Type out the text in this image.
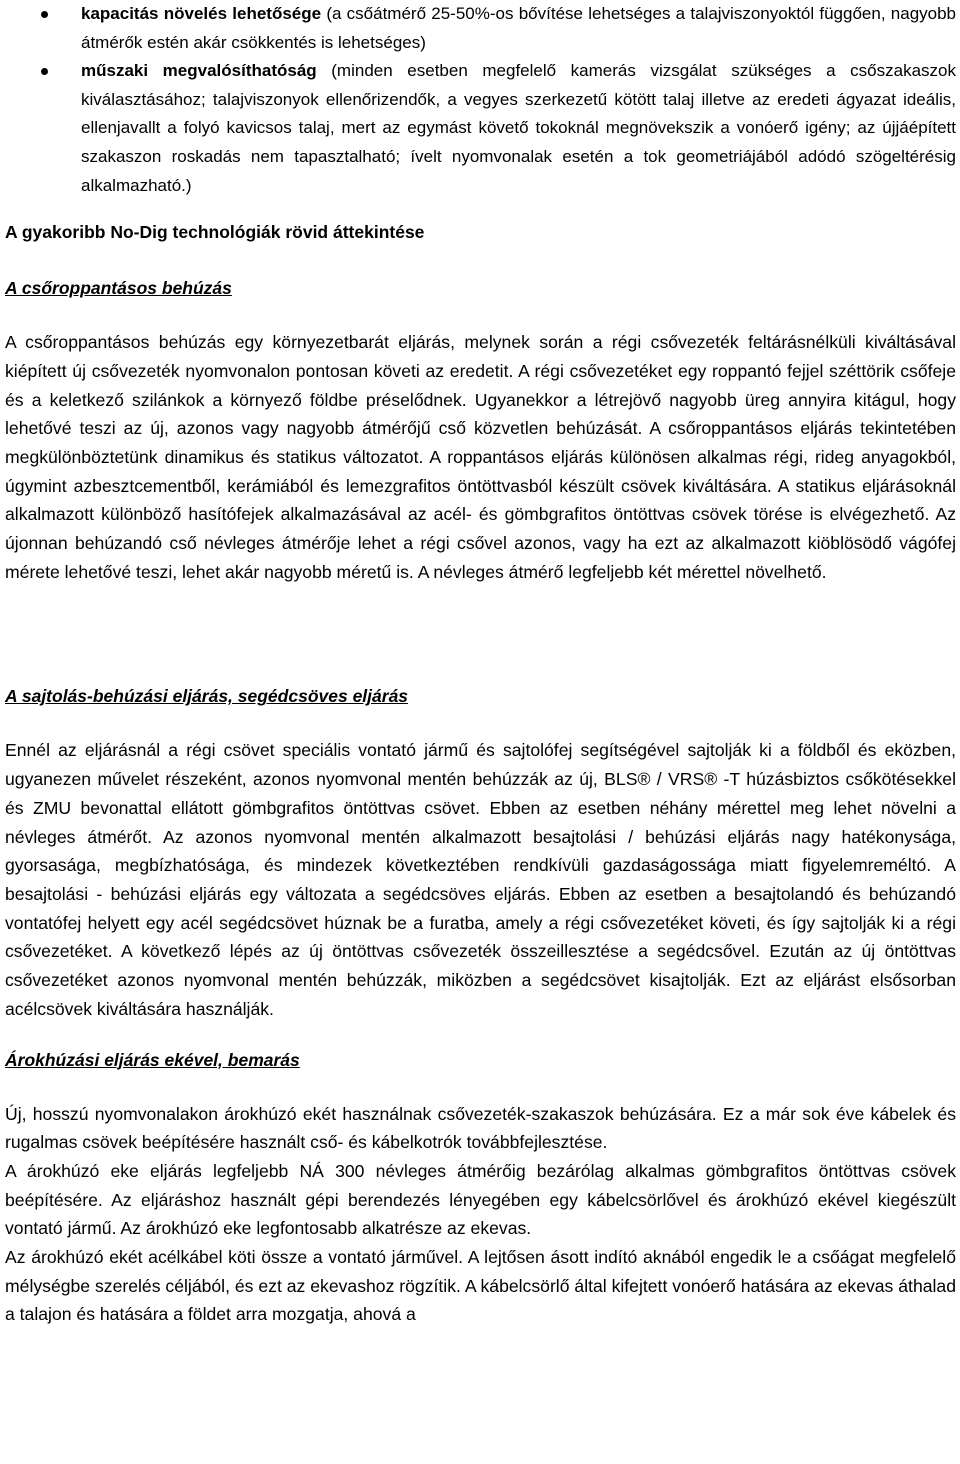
kapacitás növelés lehetősége (a csőátmérő 25-50%-os bővítése lehetséges a talajviszonyoktól függően, nagyobb átmérők estén akár csökkentés is lehetséges)

műszaki megvalósíthatóság (minden esetben megfelelő kamerás vizsgálat szükséges a csőszakaszok kiválasztásához; talajviszonyok ellenőrizendők, a vegyes szerkezetű kötött talaj illetve az eredeti ágyazat ideális, ellenjavallt a folyó kavicsos talaj, mert az egymást követő tokoknál megnövekszik a vonóerő igény; az újjáépített szakaszon roskadás nem tapasztalható; ívelt nyomvonalak esetén a tok geometriájából adódó szögeltérésig alkalmazható.)

A gyakoribb No-Dig technológiák rövid áttekintése
A csőroppantásos behúzás

A csőroppantásos behúzás egy környezetbarát eljárás, melynek során a régi csővezeték feltárásnélküli kiváltásával kiépített új csővezeték nyomvonalon pontosan követi az eredetit. A régi csővezetéket egy roppantó fejjel széttörik csőfeje és a keletkező szilánkok a környező földbe préselődnek. Ugyanekkor a létrejövő nagyobb üreg annyira kitágul, hogy lehetővé teszi az új, azonos vagy nagyobb átmérőjű cső közvetlen behúzását. A csőroppantásos eljárás tekintetében megkülönböztetünk dinamikus és statikus változatot. A roppantásos eljárás különösen alkalmas régi, rideg anyagokból, úgymint azbesztcementből, kerámiából és lemezgrafitos öntöttvasból készült csövek kiváltására. A statikus eljárásoknál alkalmazott különböző hasítófejek alkalmazásával az acél- és gömbgrafitos öntöttvas csövek törése is elvégezhető. Az újonnan behúzandó cső névleges átmérője lehet a régi csővel azonos, vagy ha ezt az alkalmazott kiöblösödő vágófej mérete lehetővé teszi, lehet akár nagyobb méretű is. A névleges átmérő legfeljebb két mérettel növelhető.

A sajtolás-behúzási eljárás, segédcsöves eljárás

Ennél az eljárásnál a régi csövet speciális vontató jármű és sajtolófej segítségével sajtolják ki a földből és eközben, ugyanezen művelet részeként, azonos nyomvonal mentén behúzzák az új, BLS® / VRS® -T húzásbiztos csőkötésekkel és ZMU bevonattal ellátott gömbgrafitos öntöttvas csövet. Ebben az esetben néhány mérettel meg lehet növelni a névleges átmérőt. Az azonos nyomvonal mentén alkalmazott besajtolási / behúzási eljárás nagy hatékonysága, gyorsasága, megbízhatósága, és mindezek következtében rendkívüli gazdaságossága miatt figyelemreméltó. A besajtolási - behúzási eljárás egy változata a segédcsöves eljárás. Ebben az esetben a besajtolandó és behúzandó vontatófej helyett egy acél segédcsövet húznak be a furatba, amely a régi csővezetéket követi, és így sajtolják ki a régi csővezetéket. A következő lépés az új öntöttvas csővezeték összeillesztése a segédcsővel. Ezután az új öntöttvas csővezetéket azonos nyomvonal mentén behúzzák, miközben a segédcsövet kisajtolják. Ezt az eljárást elsősorban acélcsövek kiváltására használják.

Árokhúzási eljárás ekével, bemarás

Új, hosszú nyomvonalakon árokhúzó ekét használnak csővezeték-szakaszok behúzására. Ez a már sok éve kábelek és rugalmas csövek beépítésére használt cső- és kábelkotrók továbbfejlesztése.

A árokhúzó eke eljárás legfeljebb NÁ 300 névleges átmérőig bezárólag alkalmas gömbgrafitos öntöttvas csövek beépítésére. Az eljáráshoz használt gépi berendezés lényegében egy kábelcsörlővel és árokhúzó ekével kiegészült vontató jármű. Az árokhúzó eke legfontosabb alkatrésze az ekevas.

Az árokhúzó ekét acélkábel köti össze a vontató járművel. A lejtősen ásott indító aknából engedik le a csőágat megfelelő mélységbe szerelés céljából, és ezt az ekevashoz rögzítik. A kábelcsörlő által kifejtett vonóerő hatására az ekevas áthalad a talajon és hatására a földet arra mozgatja, ahová a
